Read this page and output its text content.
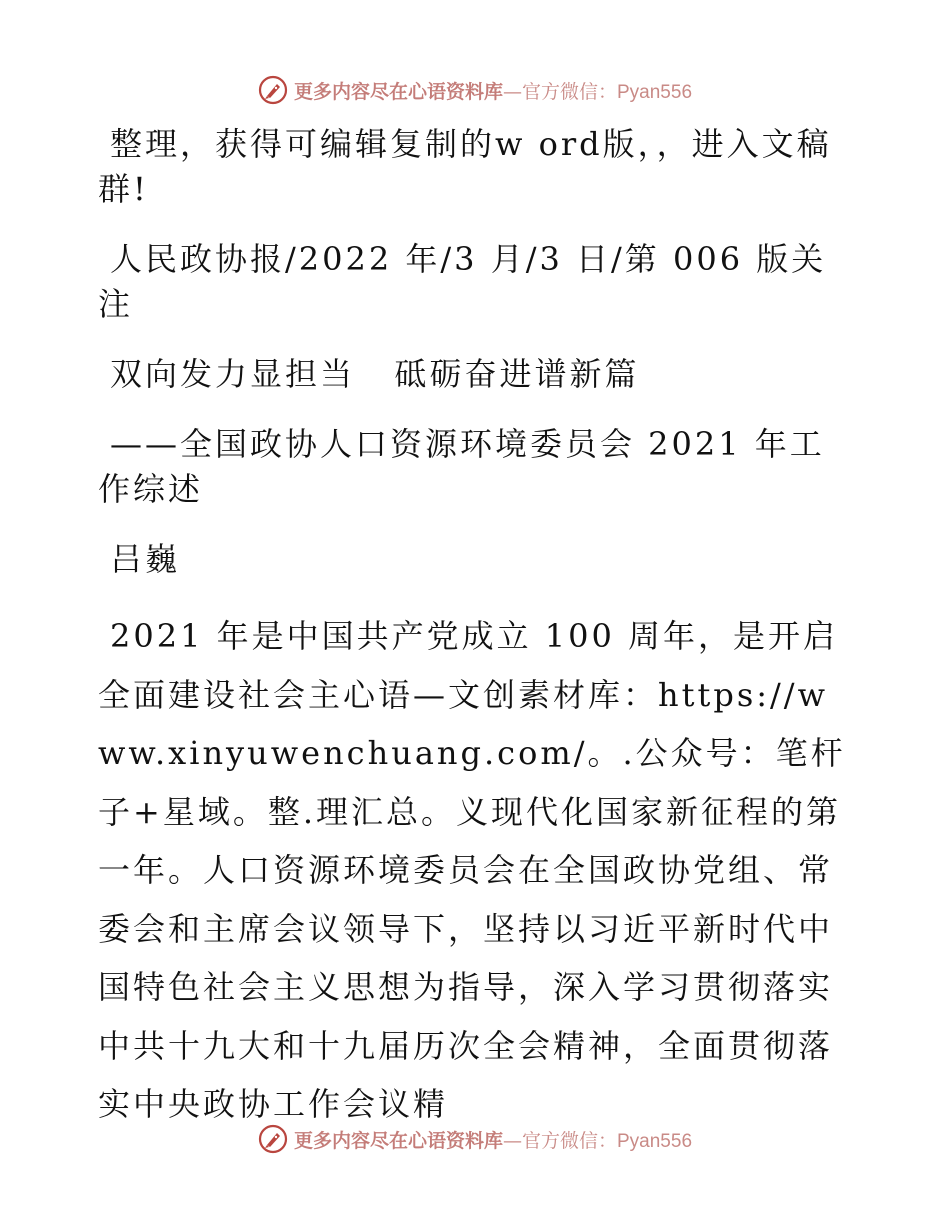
更多内容尽在心语资料库—官方微信：Pyan556
整理，获得可编辑复制的w ord版，，进入文稿群!
人民政协报/2022 年/3 月/3 日/第 006 版关注
双向发力显担当   砥砺奋进谱新篇
——全国政协人口资源环境委员会 2021 年工作综述
吕巍
2021 年是中国共产党成立 100 周年，是开启全面建设社会主心语—文创素材库：https://www.xinyuwenchuang.com/。.公众号：笔杆子+星域。整.理汇总。义现代化国家新征程的第一年。人口资源环境委员会在全国政协党组、常委会和主席会议领导下，坚持以习近平新时代中国特色社会主义思想为指导，深入学习贯彻落实中共十九大和十九届历次全会精神，全面贯彻落实中央政协工作会议精
更多内容尽在心语资料库—官方微信：Pyan556
